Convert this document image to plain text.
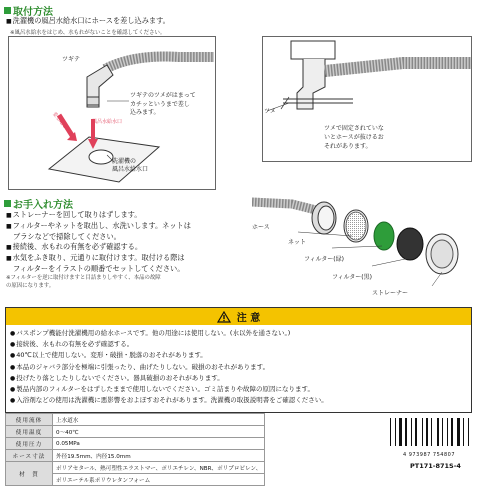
取付方法
■ 洗濯機の風呂水給水口にホースを差し込みます。
※風呂水給水をはじめ、水もれがないことを確認してください。
ツギテ
ツギテのツメがはまって
カチッというまで差し
込みます。
差し込む	風呂水給水口
洗濯機の
風呂水給水口
ツメ
ツメで固定されていな
いとホースが抜けるお
それがあります。
お手入れ方法
■ ストレーナーを回して取りはずします。
■ フィルターやネットを取出し、水洗いします。ネットは
ブラシなどで掃除してください。
■ 接続後、水もれの有無を必ず確認する。
■ 水気をふき取り、元通りに取付けます。取付ける際は
フィルターをイラストの順番でセットしてください。
※フィルターを逆に取付けますと目詰まりしやすく、本品の故障
の原因になります。
ホース
ネット
フィルター(緑)
フィルター(黒)
ストレーナー
注 意
● バスポンプ機能付洗濯機用の給水ホースです。他の用途には使用しない。(水以外を通さない。)
● 接続後、水もれの有無を必ず確認する。
● 40℃以上で使用しない。変形・破損・脱落のおそれがあります。
● 本品のジャバラ部分を極端に引張ったり、曲げたりしない。破損のおそれがあります。
● 投げたり落としたりしないでください。器具破損のおそれがあります。
● 製品内部のフィルターをはずしたままで使用しないでください。ゴミ詰まりや故障の原因になります。
● 入浴剤などの使用は洗濯機に悪影響をおよぼすおそれがあります。洗濯機の取扱説明書をご確認ください。
使用流体	上水道水
使用温度	0〜40℃
使用圧力	0.05MPa
ホース寸法	外径19.5mm、内径15.0mm
材　質	ポリアセタール、熱可塑性エラストマー、ポリエチレン、NBR、ポリプロピレン、
	ポリエーテル系ポリウレタンフォーム
4 973987 754807
PT171-871S-4
